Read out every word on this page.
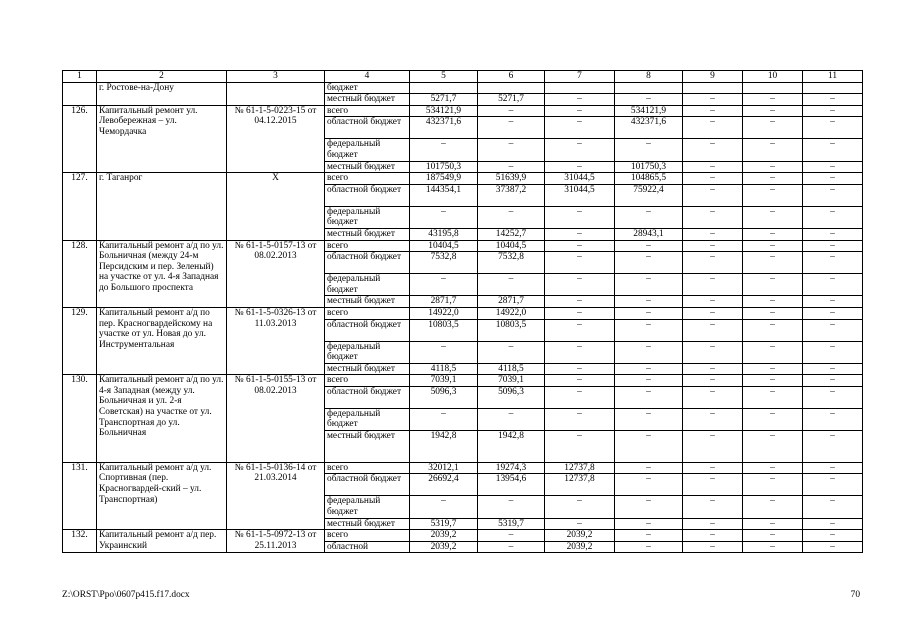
1	2	3	4	5	6	7	8	9	10	11
	г. Ростове-на-Дону		бюджет							
			местный бюджет	5271,7	5271,7	–	–	–	–	–
126.	Капитальный ремонт ул. Левобережная – ул. Чемордачка	№ 61-1-5-0223-15 от 04.12.2015	всего	534121,9	–	–	534121,9	–	–	–
			областной бюджет	432371,6	–	–	432371,6	–	–	–
			федеральный бюджет	–	–	–	–	–	–	–
			местный бюджет	101750,3	–	–	101750,3	–	–	–
127.	г. Таганрог	Х	всего	187549,9	51639,9	31044,5	104865,5	–	–	–
			областной бюджет	144354,1	37387,2	31044,5	75922,4	–	–	–
			федеральный бюджет	–	–	–	–	–	–	–
			местный бюджет	43195,8	14252,7	–	28943,1	–	–	–
128.	Капитальный ремонт а/д по ул. Больничная (между 24-м Персидским и пер. Зеленый) на участке от ул. 4-я Западная до Большого проспекта	№ 61-1-5-0157-13 от 08.02.2013	всего	10404,5	10404,5	–	–	–	–	–
			областной бюджет	7532,8	7532,8	–	–	–	–	–
			федеральный бюджет	–	–	–	–	–	–	–
			местный бюджет	2871,7	2871,7	–	–	–	–	–
129.	Капитальный ремонт а/д по пер. Красногвардейскому на участке от ул. Новая до ул. Инструментальная	№ 61-1-5-0326-13 от 11.03.2013	всего	14922,0	14922,0	–	–	–	–	–
			областной бюджет	10803,5	10803,5	–	–	–	–	–
			федеральный бюджет	–	–	–	–	–	–	–
			местный бюджет	4118,5	4118,5	–	–	–	–	–
130.	Капитальный ремонт а/д по ул. 4-я Западная (между ул. Больничная и ул. 2-я Советская) на участке от ул. Транспортная до ул. Больничная	№ 61-1-5-0155-13 от 08.02.2013	всего	7039,1	7039,1	–	–	–	–	–
			областной бюджет	5096,3	5096,3	–	–	–	–	–
			федеральный бюджет	–	–	–	–	–	–	–
			местный бюджет	1942,8	1942,8	–	–	–	–	–
131.	Капитальный ремонт а/д ул. Спортивная (пер. Красногвардей-ский – ул. Транспортная)	№ 61-1-5-0136-14 от 21.03.2014	всего	32012,1	19274,3	12737,8	–	–	–	–
			областной бюджет	26692,4	13954,6	12737,8	–	–	–	–
			федеральный бюджет	–	–	–	–	–	–	–
			местный бюджет	5319,7	5319,7	–	–	–	–	–
132.	Капитальный ремонт а/д пер. Украинский	№ 61-1-5-0972-13 от 25.11.2013	всего	2039,2	–	2039,2	–	–	–	–
			областной	2039,2	–	2039,2	–	–	–	–
Z:\ORST\Ppo\0607p415.f17.docx	70
